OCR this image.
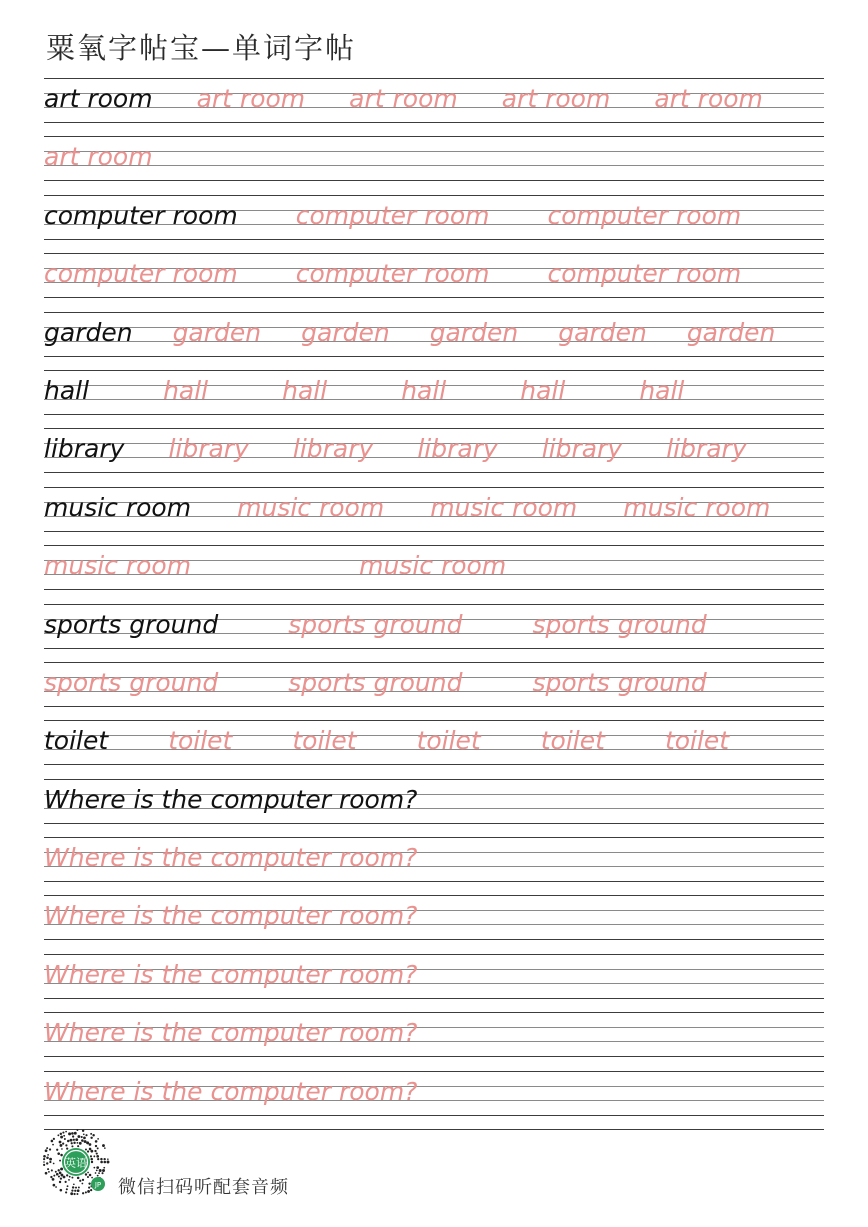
粟氧字帖宝—单词字帖
art room art room art room art room art room
art room
computer room computer room computer room
computer room computer room computer room
garden garden garden garden garden garden
hall	hall	hall	hall	hall	hall
library library library library library library
music room music room music room music room
music room	music room
sports ground	sports ground	sports ground
sports ground	sports ground	sports ground
toilet toilet toilet toilet toilet toilet
Where is the computer room?
Where is the computer room?
Where is the computer room?
Where is the computer room?
Where is the computer room?
Where is the computer room?
英语
JP 微信扫码听配套音频
